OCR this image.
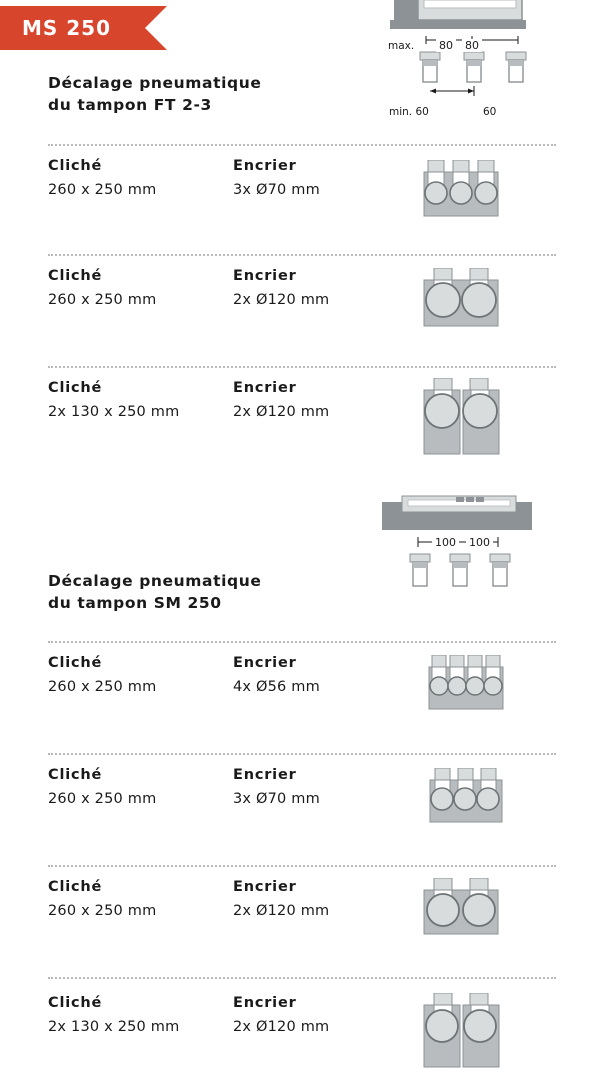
MS 250
Décalage pneumatique
du tampon FT 2-3
max. 80 80
min. 60	60
Cliché
260 x 250 mm
Encrier
3x Ø70 mm
Cliché
260 x 250 mm
Encrier
2x Ø120 mm
Cliché
2x 130 x 250 mm
Encrier
2x Ø120 mm
100 100
Décalage pneumatique
du tampon SM 250
Cliché
260 x 250 mm
Encrier
4x Ø56 mm
Cliché
260 x 250 mm
Encrier
3x Ø70 mm
Cliché
260 x 250 mm
Encrier
2x Ø120 mm
Cliché
2x 130 x 250 mm
Encrier
2x Ø120 mm
